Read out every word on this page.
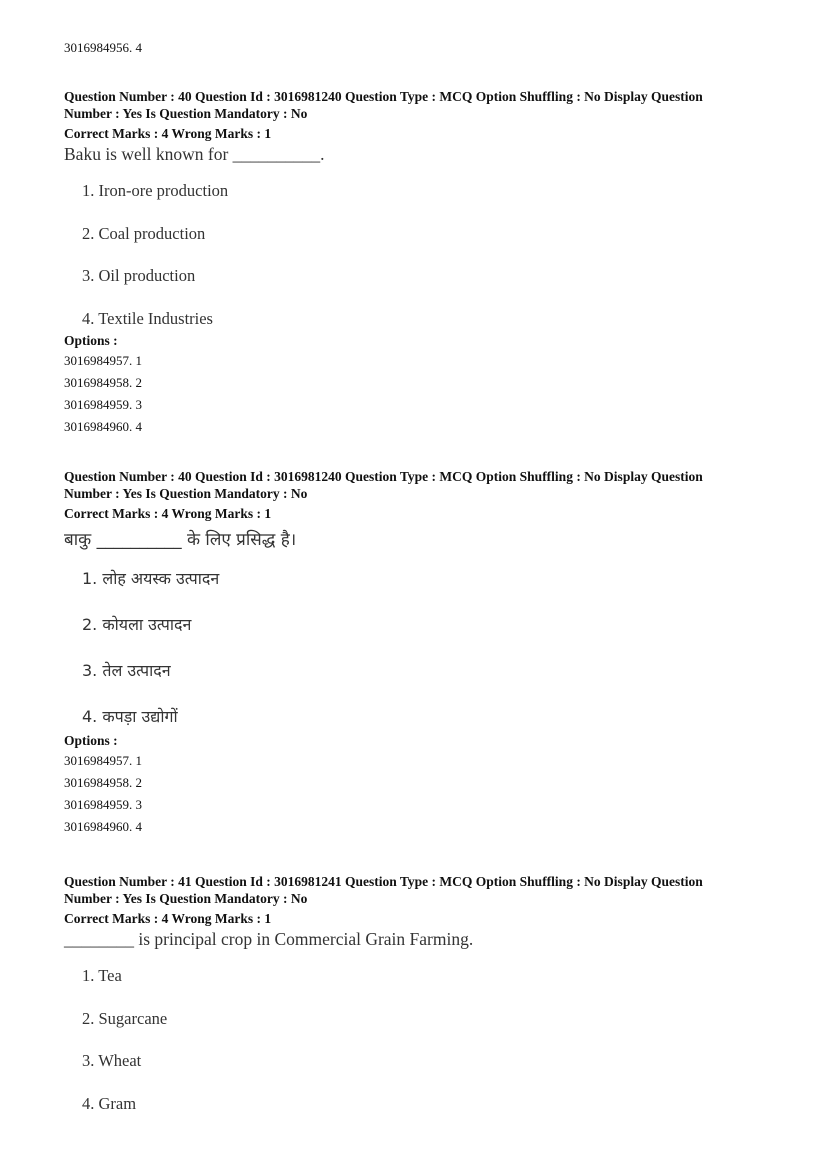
3016984956. 4

Question Number : 40 Question Id : 3016981240 Question Type : MCQ Option Shuffling : No Display Question

Number : Yes Is Question Mandatory : No

Correct Marks : 4 Wrong Marks : 1

Baku is well known for __________.
1. Iron-ore production
2. Coal production
3. Oil production
4. Textile Industries
Options :
3016984957. 1
3016984958. 2
3016984959. 3
3016984960. 4

Question Number : 40 Question Id : 3016981240 Question Type : MCQ Option Shuffling : No Display Question

Number : Yes Is Question Mandatory : No

Correct Marks : 4 Wrong Marks : 1

बाकु __________ के लिए प्रसिद्ध है।
1. लोह अयस्क उत्पादन
2. कोयला उत्पादन
3. तेल उत्पादन
4. कपड़ा उद्योगों
Options :
3016984957. 1
3016984958. 2
3016984959. 3
3016984960. 4

Question Number : 41 Question Id : 3016981241 Question Type : MCQ Option Shuffling : No Display Question

Number : Yes Is Question Mandatory : No

Correct Marks : 4 Wrong Marks : 1

________ is principal crop in Commercial Grain Farming.
1. Tea
2. Sugarcane
3. Wheat
4. Gram
